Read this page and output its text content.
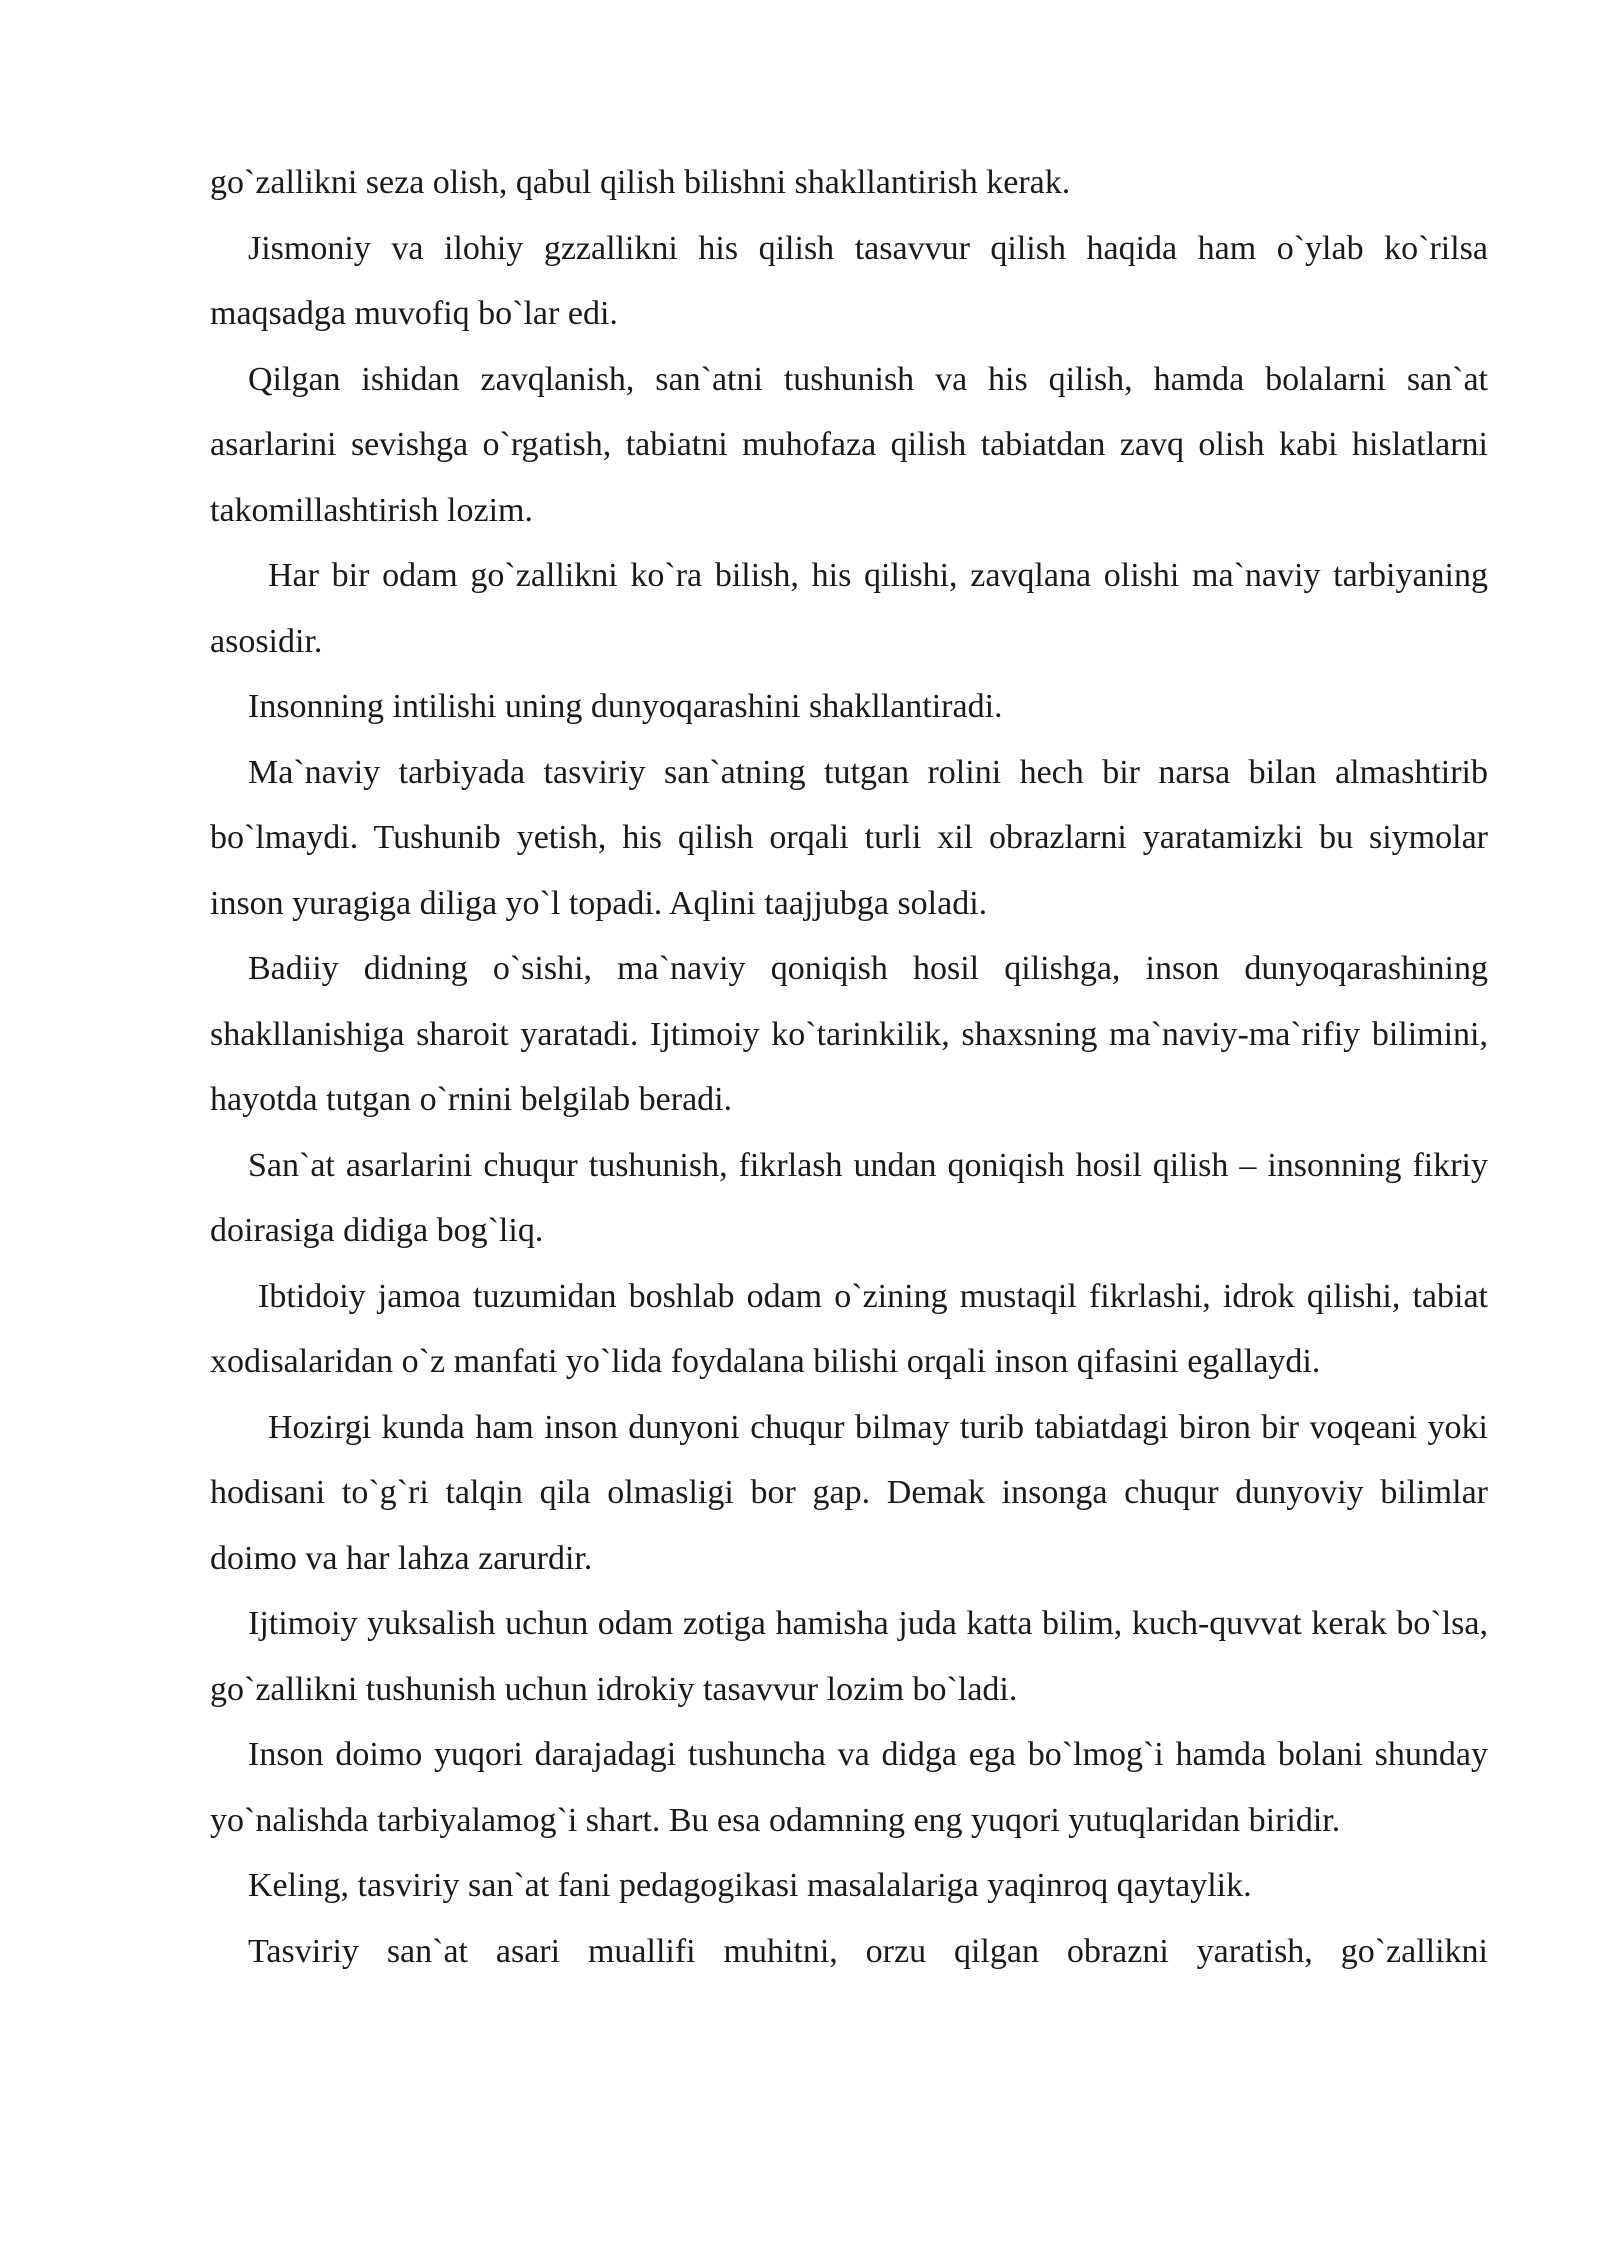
go`zallikni seza olish, qabul qilish bilishni shakllantirish kerak.

Jismoniy va ilohiy gzzallikni his qilish tasavvur qilish haqida ham o`ylab ko`rilsa maqsadga muvofiq bo`lar edi.

Qilgan ishidan zavqlanish, san`atni tushunish va his qilish, hamda bolalarni san`at asarlarini sevishga o`rgatish, tabiatni muhofaza qilish tabiatdan zavq olish kabi hislatlarni takomillashtirish lozim.

Har bir odam go`zallikni ko`ra bilish, his qilishi, zavqlana olishi ma`naviy tarbiyaning asosidir.

Insonning intilishi uning dunyoqarashini shakllantiradi.

Ma`naviy tarbiyada tasviriy san`atning tutgan rolini hech bir narsa bilan almashtirib bo`lmaydi. Tushunib yetish, his qilish orqali turli xil obrazlarni yaratamizki bu siymolar inson yuragiga diliga yo`l topadi. Aqlini taajjubga soladi.

Badiiy didning o`sishi, ma`naviy qoniqish hosil qilishga, inson dunyoqarashining shakllanishiga sharoit yaratadi. Ijtimoiy ko`tarinkilik, shaxsning ma`naviy-ma`rifiy bilimini, hayotda tutgan o`rnini belgilab beradi.

San`at asarlarini chuqur tushunish, fikrlash undan qoniqish hosil qilish – insonning fikriy doirasiga didiga bog`liq.

Ibtidoiy jamoa tuzumidan boshlab odam o`zining mustaqil fikrlashi, idrok qilishi, tabiat xodisalaridan o`z manfati yo`lida foydalana bilishi orqali inson qifasini egallaydi.

Hozirgi kunda ham inson dunyoni chuqur bilmay turib tabiatdagi biron bir voqeani yoki hodisani to`g`ri talqin qila olmasligi bor gap. Demak insonga chuqur dunyoviy bilimlar doimo va har lahza zarurdir.

Ijtimoiy yuksalish uchun odam zotiga hamisha juda katta bilim, kuch-quvvat kerak bo`lsa, go`zallikni tushunish uchun idrokiy tasavvur lozim bo`ladi.

Inson doimo yuqori darajadagi tushuncha va didga ega bo`lmog`i hamda bolani shunday yo`nalishda tarbiyalamog`i shart. Bu esa odamning eng yuqori yutuqlaridan biridir.

Keling, tasviriy san`at fani pedagogikasi masalalariga yaqinroq qaytaylik.

Tasviriy san`at asari muallifi muhitni, orzu qilgan obrazni yaratish, go`zallikni
